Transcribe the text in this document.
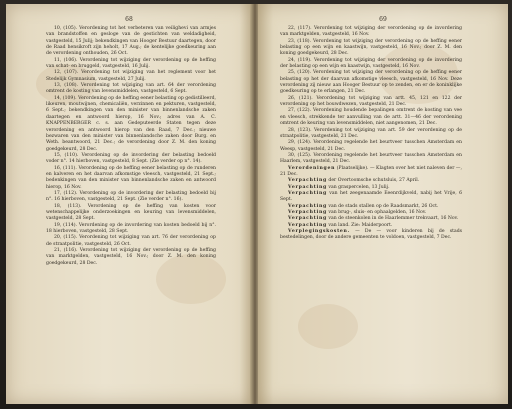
68

10, (105). Verordening tot het verbeteren van veilighevi van armjes van brandstoffen en gesloge van de gestichten van weldadigheid, vastgesteld, 15 Julij; bekendkingen van Hooger Bestuur daartegen, door de Raad hensikroft zijn heholt, 17 Aug.; de kentelijke goedkeuring aan de verordening onthouden, 26 Oct.

11, (106). Verordening tot wijziging der verordening op de heffing van schat- en bruggeld, vastgesteld, 16 Julij.

12, (107). Verordening tot wijziging van het reglement voor het Stedelijk Gymnasium, vastgesteld, 27 Julij.

13, (108). Verordening tot wijziging van art. 64 der verordening omtrent de kosting van levensmiddelen, vastgesteld, 6 Sept.

14, (109). Verordening op de heffing eener belasting op gedistilleerd, likeuren, moutwijnen, chemicaliën, verzinnen en pekturen, vastgesteld, 6 Sept.; bekendkingen van den minister van binnenlandsche zaken daartegen en antwoord hierop, 16 Nov.; adres van A. C. KNAPPENBERGER c. s. aan Gedeputeerde Staten tegen deze verordening en antwoord hierop van den Raad, 7 Dec.; nieuwe bezwaren van den minister van binnenlandsche zaken door Burg. en Weth. beantwoord, 21 Dec.; de verordening door Z. M. den koning goedgekeurd, 28 Dec.

15, (110). Verordening op de invordering der belasting bedoeld voder n°. 14 hierboven, vastgesteld, 8 Sept. (Zie verder op n°. 14).

16, (111). Verordening op de heffing eener belasting op de runderen en kalveren en het daarvan afkomstige vleesch, vastgesteld, 21 Sept.; bedenkingen van den minister van binnenlandsche zaken en antwoord hierop, 16 Nov.

17, (112). Verordening op de invordering der belasting bedoeld bij n°. 16 hierboven, vastgesteld, 21 Sept. (Zie verder n°. 16).

18, (113). Verordening op de heffing van kosten voor wetenschappelijke onderzoekingen en keuring van levensmiddelen, vastgesteld, 28 Sept.

19, (114). Verordening op de invordering van kosten bedoeld bij n°. 18 hierboven, vastgesteld, 28 Sept.

20, (115). Verordening tot wijziging van art. 76 der verordening op de straatpolitie, vastgesteld, 26 Oct.

21, (116). Verordening tot wijziging der verordening op de heffing van marktgelden, vastgesteld, 16 Nov.; door Z. M. den koning goedgekeurd, 28 Dec.

69

22, (117). Verordening tot wijziging der verordening op de invordering van marktgelden, vastgesteld, 16 Nov.

23, (118). Verordening tot wijziging der verordening op de heffing eener belasting op een wijn en kaastwijn, vastgesteld, 16 Nov.; door Z. M. den koning goedgekeurd, 28 Dec.

24, (119). Verordening tot wijziging der verordening op de invordering der belasting op een wijn en kaastwijn, vastgesteld, 16 Nov.

25, (120). Verordening tot wijziging der verordening op de heffing eener belasting op het der daarvan afkomstige vleesch, vastgesteld, 16 Nov. Deze verordening zij nieuw aan Hooger Bestuur op te zenden, en er de koninklijke goedkeuring op te erlangen, 21 Dec.

26, (121). Verordening tot wijziging van artt. 45, 121 en 122 der verordening op het bouwdwezen, vastgesteld, 21 Dec.

27, (122). Verordening houdende bepalingen omtrent de kosting van vee en vleesch, strekkende ter aanvulling van de artt. 31—46 der verordening omtrent de keuring van levensmiddelen, niet aangenomen, 21 Dec.

28, (123). Verordening tot wijziging van art. 59 der verordening op de straatpolitie, vastgesteld, 21 Dec.

29, (124). Verordening regelende het beurtveer tusschen Amsterdam en Weesp, vastgesteld, 21 Dec.

30, (125). Verordening regelende het beurtveer tusschen Amsterdam en Haarlem, vastgesteld, 21 Dec.

Verordeningen (Plaatselijke). — Klagten over het niet naleven der —, 21 Dec.

Verpachting der Overtoomsche schutsluis, 27 April.

Verpachting van graspercelen, 13 Julij.

Verpachting van het zeegenaamde Eeenrdijkveld, nabij het Vrije, 6 Sept.

Verpachting van de stads stallen op de Raadsmarkt, 26 Oct.

Verpachting van brug-, sluis- en ophaalgelden, 16 Nov.

Verpachting van de steenkolen in de Haarlemmer trekvaart, 16 Nov.

Verpachting van land. Zie: Maiderpoort.

Verplegingskosten. — De — voor kinderen bij de stads bestedelingen, door de andere gemeenten te voldoen, vastgesteld, 7 Dec.
